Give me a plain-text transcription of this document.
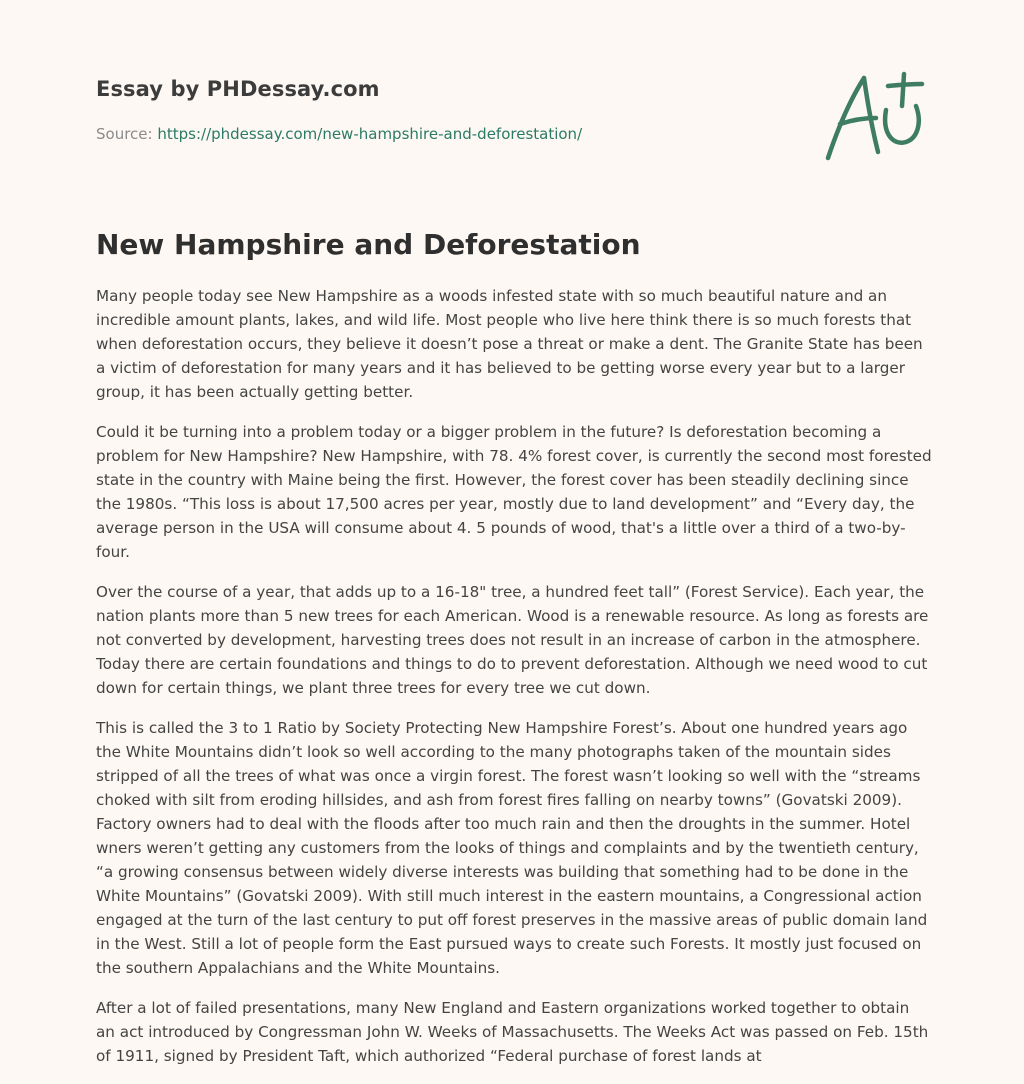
Essay by PHDessay.com
Source: https://phdessay.com/new-hampshire-and-deforestation/
New Hampshire and Deforestation

Many people today see New Hampshire as a woods infested state with so much beautiful nature and an incredible amount plants, lakes, and wild life. Most people who live here think there is so much forests that when deforestation occurs, they believe it doesn’t pose a threat or make a dent. The Granite State has been a victim of deforestation for many years and it has believed to be getting worse every year but to a larger group, it has been actually getting better.

Could it be turning into a problem today or a bigger problem in the future? Is deforestation becoming a problem for New Hampshire? New Hampshire, with 78. 4% forest cover, is currently the second most forested state in the country with Maine being the first. However, the forest cover has been steadily declining since the 1980s. “This loss is about 17,500 acres per year, mostly due to land development” and “Every day, the average person in the USA will consume about 4. 5 pounds of wood, that's a little over a third of a two-by-four.

Over the course of a year, that adds up to a 16-18" tree, a hundred feet tall” (Forest Service). Each year, the nation plants more than 5 new trees for each American. Wood is a renewable resource. As long as forests are not converted by development, harvesting trees does not result in an increase of carbon in the atmosphere. Today there are certain foundations and things to do to prevent deforestation. Although we need wood to cut down for certain things, we plant three trees for every tree we cut down.

This is called the 3 to 1 Ratio by Society Protecting New Hampshire Forest’s. About one hundred years ago the White Mountains didn’t look so well according to the many photographs taken of the mountain sides stripped of all the trees of what was once a virgin forest. The forest wasn’t looking so well with the “streams choked with silt from eroding hillsides, and ash from forest fires falling on nearby towns” (Govatski 2009). Factory owners had to deal with the floods after too much rain and then the droughts in the summer. Hotel wners weren’t getting any customers from the looks of things and complaints and by the twentieth century, “a growing consensus between widely diverse interests was building that something had to be done in the White Mountains” (Govatski 2009). With still much interest in the eastern mountains, a Congressional action engaged at the turn of the last century to put off forest preserves in the massive areas of public domain land in the West. Still a lot of people form the East pursued ways to create such Forests. It mostly just focused on the southern Appalachians and the White Mountains.

After a lot of failed presentations, many New England and Eastern organizations worked together to obtain an act introduced by Congressman John W. Weeks of Massachusetts. The Weeks Act was passed on Feb. 15th of 1911, signed by President Taft, which authorized “Federal purchase of forest lands at
